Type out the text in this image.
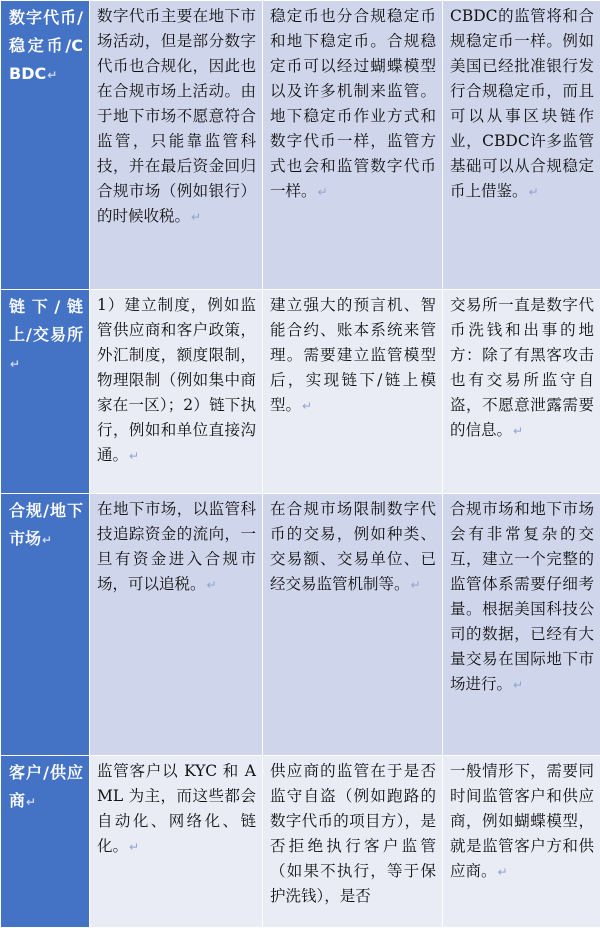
数字代币/稳定币/CBDC↵	数字代币主要在地下市场活动，但是部分数字代币也合规化，因此也在合规市场上活动。由于地下市场不愿意符合监管，只能靠监管科技，并在最后资金回归合规市场（例如银行）的时候收税。↵	稳定币也分合规稳定币和地下稳定币。合规稳定币可以经过蝴蝶模型以及许多机制来监管。地下稳定币作业方式和数字代币一样，监管方式也会和监管数字代币一样。↵	CBDC的监管将和合规稳定币一样。例如美国已经批准银行发行合规稳定币，而且可以从事区块链作业，CBDC许多监管基础可以从合规稳定币上借鉴。↵
链下/链上/交易所↵	1）建立制度，例如监管供应商和客户政策，外汇制度，额度限制，物理限制（例如集中商家在一区）；2）链下执行，例如和单位直接沟通。↵	建立强大的预言机、智能合约、账本系统来管理。需要建立监管模型后，实现链下/链上模型。↵	交易所一直是数字代币洗钱和出事的地方：除了有黑客攻击也有交易所监守自盗，不愿意泄露需要的信息。↵
合规/地下市场↵	在地下市场，以监管科技追踪资金的流向，一旦有资金进入合规市场，可以追税。↵	在合规市场限制数字代币的交易，例如种类、交易额、交易单位、已经交易监管机制等。↵	合规市场和地下市场会有非常复杂的交互，建立一个完整的监管体系需要仔细考量。根据美国科技公司的数据，已经有大量交易在国际地下市场进行。↵
客户/供应商↵	监管客户以 KYC 和 AML 为主，而这些都会自动化、网络化、链化。↵	供应商的监管在于是否监守自盗（例如跑路的数字代币的项目方），是否拒绝执行客户监管（如果不执行，等于保护洗钱），是否	一般情形下，需要同时间监管客户和供应商，例如蝴蝶模型，就是监管客户方和供应商。↵
